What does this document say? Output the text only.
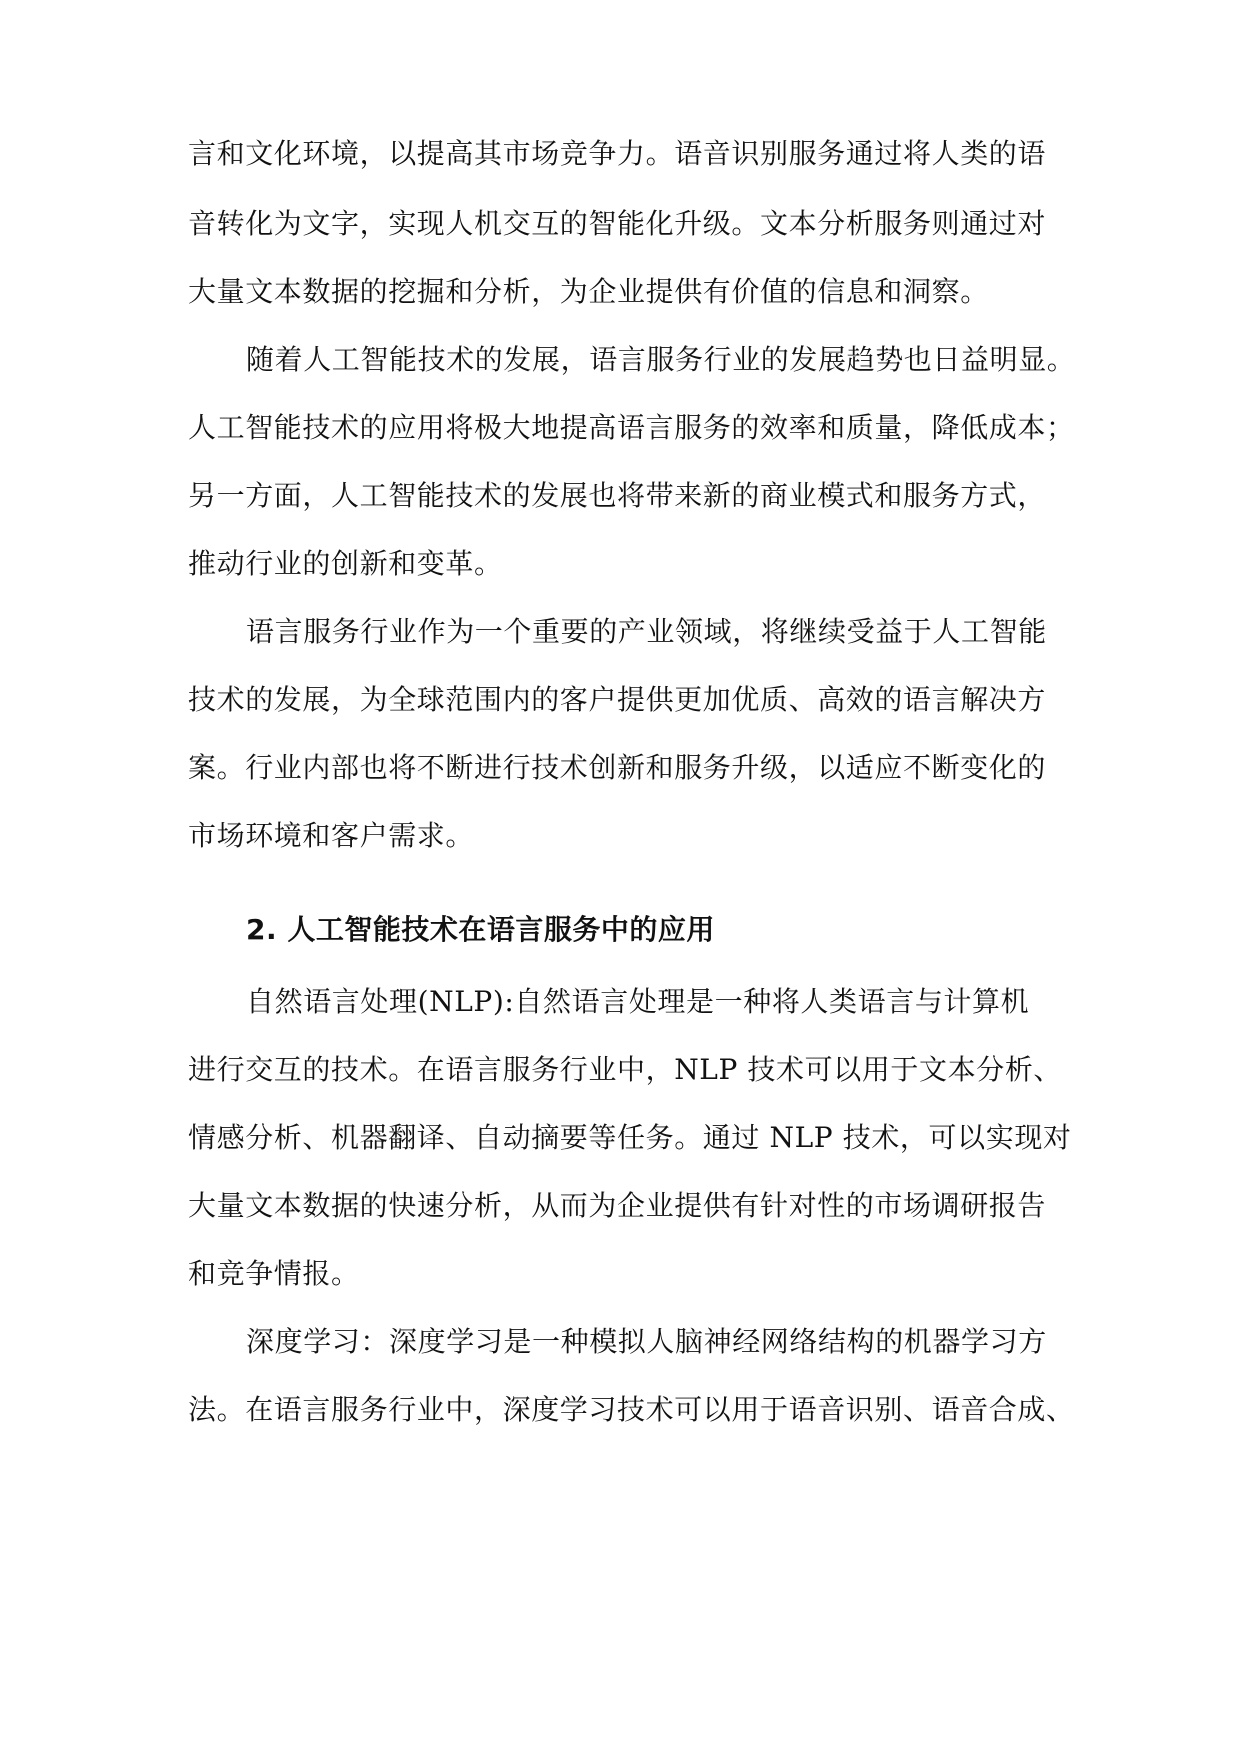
言和文化环境，以提高其市场竞争力。语音识别服务通过将人类的语
音转化为文字，实现人机交互的智能化升级。文本分析服务则通过对
大量文本数据的挖掘和分析，为企业提供有价值的信息和洞察。
随着人工智能技术的发展，语言服务行业的发展趋势也日益明显。
人工智能技术的应用将极大地提高语言服务的效率和质量，降低成本；
另一方面，人工智能技术的发展也将带来新的商业模式和服务方式，
推动行业的创新和变革。
语言服务行业作为一个重要的产业领域，将继续受益于人工智能
技术的发展，为全球范围内的客户提供更加优质、高效的语言解决方
案。行业内部也将不断进行技术创新和服务升级，以适应不断变化的
市场环境和客户需求。
2. 人工智能技术在语言服务中的应用
自然语言处理(NLP):自然语言处理是一种将人类语言与计算机
进行交互的技术。在语言服务行业中，NLP 技术可以用于文本分析、
情感分析、机器翻译、自动摘要等任务。通过 NLP 技术，可以实现对
大量文本数据的快速分析，从而为企业提供有针对性的市场调研报告
和竞争情报。
深度学习：深度学习是一种模拟人脑神经网络结构的机器学习方
法。在语言服务行业中，深度学习技术可以用于语音识别、语音合成、
